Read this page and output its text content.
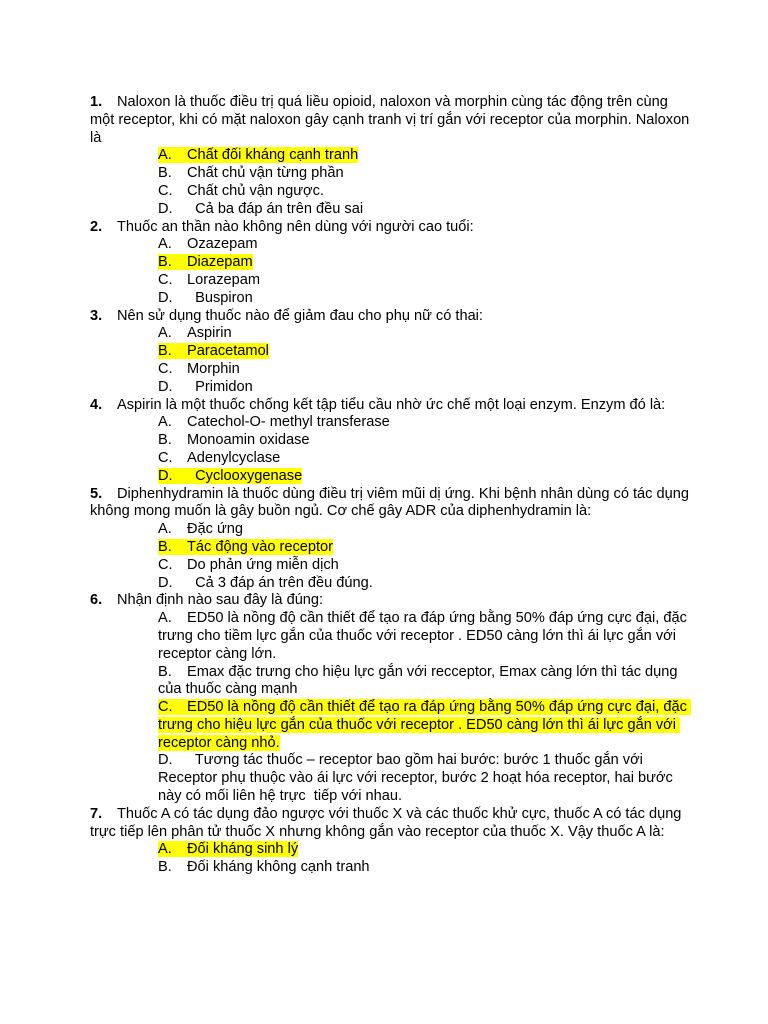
1. Naloxon là thuốc điều trị quá liều opioid, naloxon và morphin cùng tác động trên cùng một receptor, khi có mặt naloxon gây cạnh tranh vị trí gắn với receptor của morphin. Naloxon là
A. Chất đối kháng cạnh tranh
B. Chất chủ vận từng phần
C. Chất chủ vận ngược.
D.  Cả ba đáp án trên đều sai
2. Thuốc an thần nào không nên dùng với người cao tuổi:
A. Ozazepam
B. Diazepam
C. Lorazepam
D.  Buspiron
3. Nên sử dụng thuốc nào để giảm đau cho phụ nữ có thai:
A. Aspirin
B. Paracetamol
C. Morphin
D.  Primidon
4. Aspirin là một thuốc chống kết tập tiểu cầu nhờ ức chế một loại enzym. Enzym đó là:
A. Catechol-O- methyl transferase
B. Monoamin oxidase
C. Adenylcyclase
D.  Cyclooxygenase
5. Diphenhydramin là thuốc dùng điều trị viêm mũi dị ứng. Khi bệnh nhân dùng có tác dụng không mong muốn là gây buồn ngủ. Cơ chế gây ADR của diphenhydramin là:
A. Đặc ứng
B. Tác động vào receptor
C. Do phản ứng miễn dịch
D.  Cả 3 đáp án trên đều đúng.
6. Nhận định nào sau đây là đúng:
A. ED50 là nồng độ cần thiết để tạo ra đáp ứng bằng 50% đáp ứng cực đại, đặc trưng cho tiềm lực gắn của thuốc với receptor . ED50 càng lớn thì ái lực gắn với receptor càng lớn.
B. Emax đặc trưng cho hiệu lực gắn với recceptor, Emax càng lớn thì tác dụng của thuốc càng mạnh
C. ED50 là nồng độ cần thiết để tạo ra đáp ứng bằng 50% đáp ứng cực đại, đặc trưng cho hiệu lực gắn của thuốc với receptor . ED50 càng lớn thì ái lực gắn với receptor càng nhỏ.
D.  Tương tác thuốc – receptor bao gồm hai bước: bước 1 thuốc gắn với Receptor phụ thuộc vào ái lực với receptor, bước 2 hoạt hóa receptor, hai bước này có mối liên hệ trực  tiếp với nhau.
7. Thuốc A có tác dụng đảo ngược với thuốc X và các thuốc khử cực, thuốc A có tác dụng trực tiếp lên phân tử thuốc X nhưng không gắn vào receptor của thuốc X. Vậy thuốc A là:
A. Đối kháng sinh lý
B. Đối kháng không cạnh tranh
